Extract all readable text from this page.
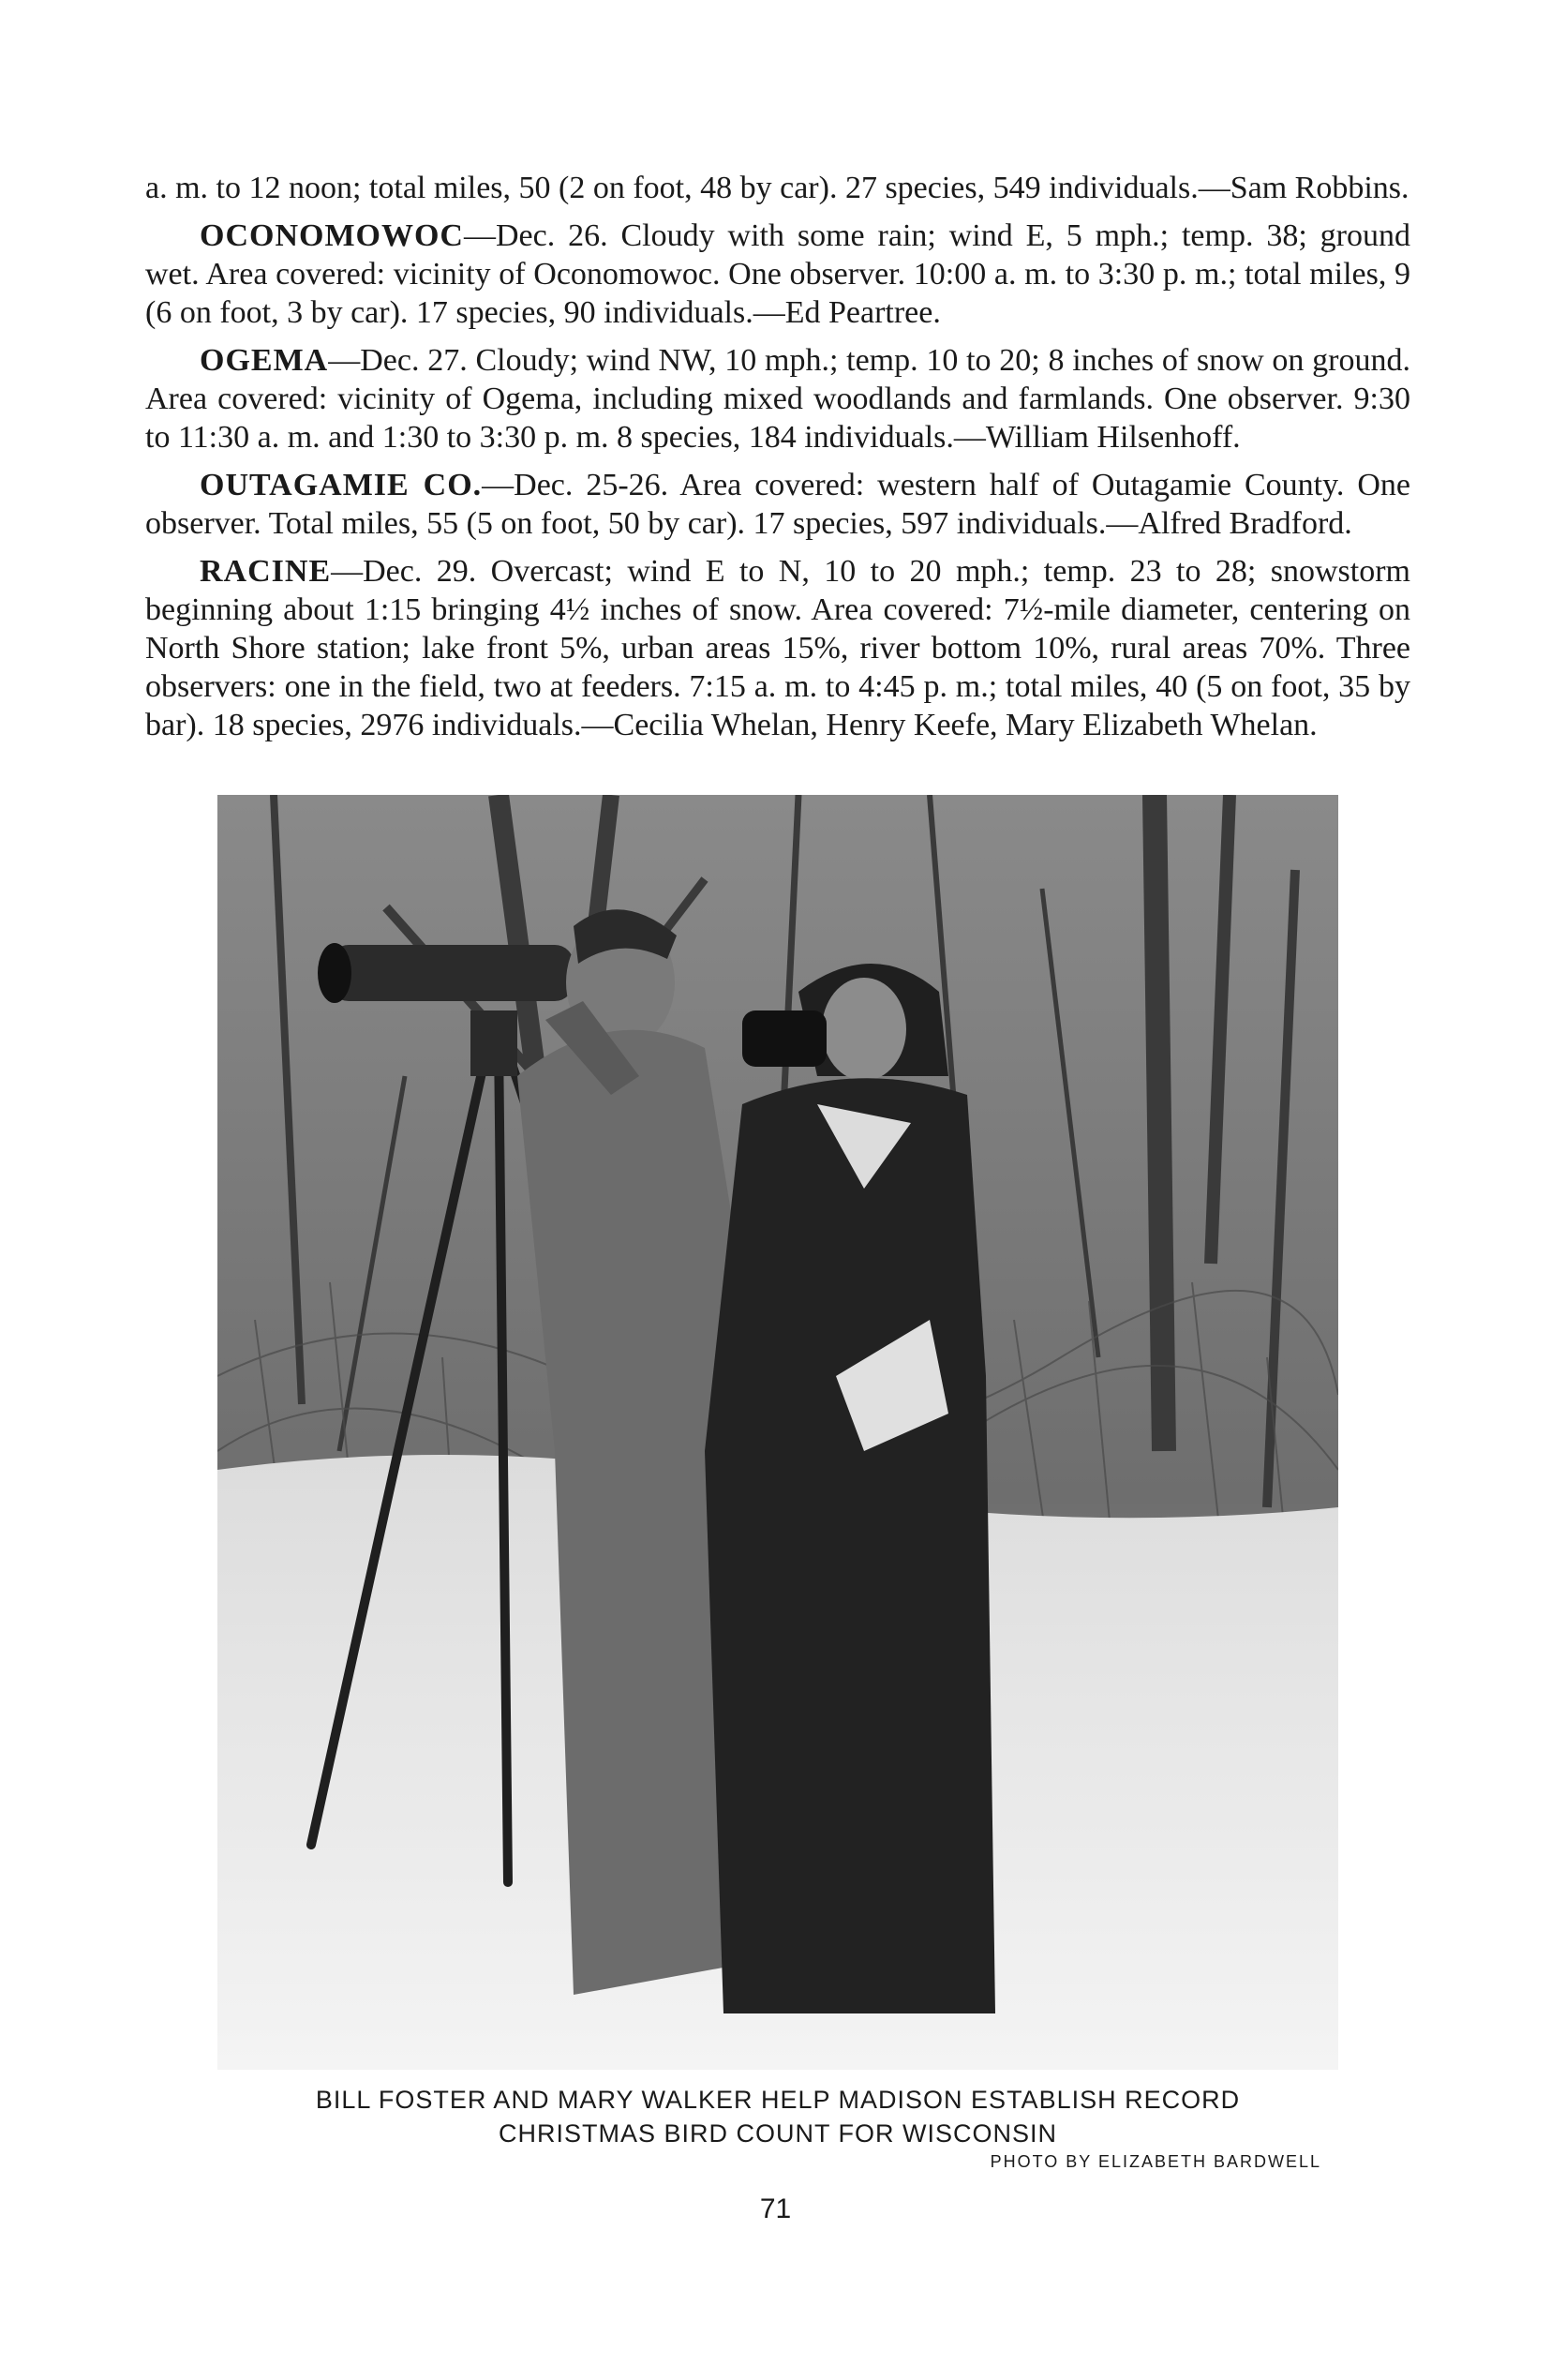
a. m. to 12 noon; total miles, 50 (2 on foot, 48 by car). 27 species, 549 individuals.—Sam Robbins.

OCONOMOWOC—Dec. 26. Cloudy with some rain; wind E, 5 mph.; temp. 38; ground wet. Area covered: vicinity of Oconomowoc. One observer. 10:00 a. m. to 3:30 p. m.; total miles, 9 (6 on foot, 3 by car). 17 species, 90 individuals.—Ed Peartree.

OGEMA—Dec. 27. Cloudy; wind NW, 10 mph.; temp. 10 to 20; 8 inches of snow on ground. Area covered: vicinity of Ogema, including mixed woodlands and farmlands. One observer. 9:30 to 11:30 a. m. and 1:30 to 3:30 p. m. 8 species, 184 individuals.—William Hilsenhoff.

OUTAGAMIE CO.—Dec. 25-26. Area covered: western half of Outagamie County. One observer. Total miles, 55 (5 on foot, 50 by car). 17 species, 597 individuals.—Alfred Bradford.

RACINE—Dec. 29. Overcast; wind E to N, 10 to 20 mph.; temp. 23 to 28; snowstorm beginning about 1:15 bringing 4½ inches of snow. Area covered: 7½-mile diameter, centering on North Shore station; lake front 5%, urban areas 15%, river bottom 10%, rural areas 70%. Three observers: one in the field, two at feeders. 7:15 a. m. to 4:45 p. m.; total miles, 40 (5 on foot, 35 by bar). 18 species, 2976 individuals.—Cecilia Whelan, Henry Keefe, Mary Elizabeth Whelan.

BILL FOSTER AND MARY WALKER HELP MADISON ESTABLISH RECORD
CHRISTMAS BIRD COUNT FOR WISCONSIN
PHOTO BY ELIZABETH BARDWELL
71
